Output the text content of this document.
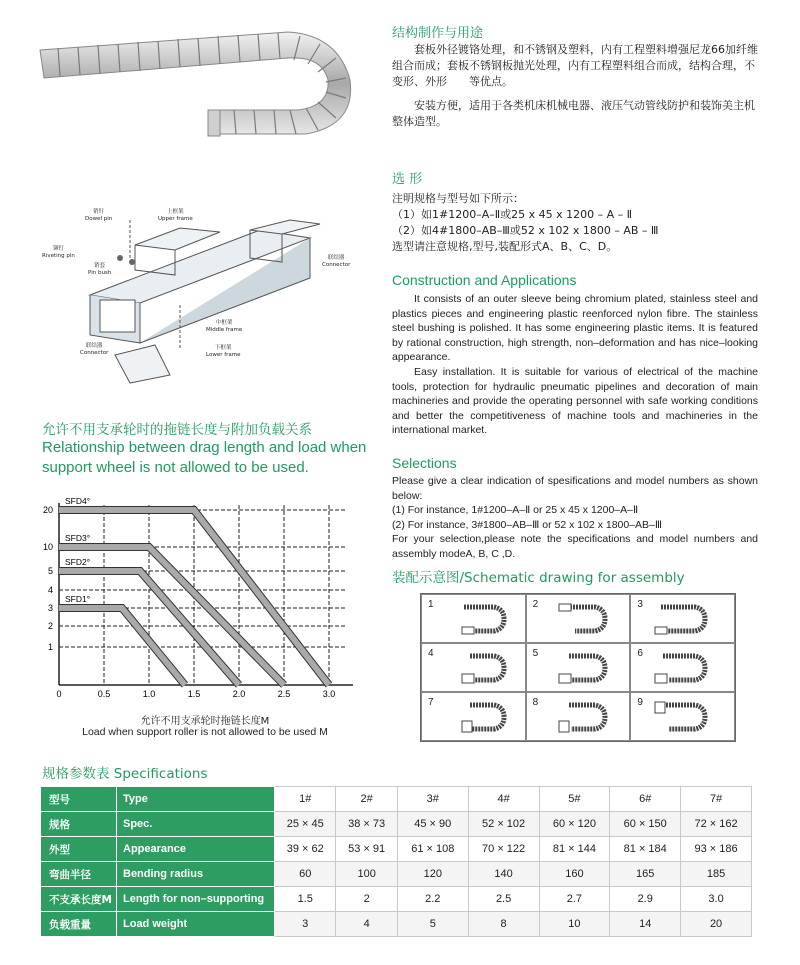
销钉
Dowel pin
铆钉
Riveting pin
销套
Pin bush
上框架
Upper frame
联结器
Connector
中框架
Middle frame
下框架
Lower frame
联结器
Connector
结构制作与用途
套板外径镀铬处理，和不锈钢及塑料，内有工程塑料增强尼龙66加纤维组合而成；套板不锈钢板抛光处理，内有工程塑料组合而成，结构合理，不变形、外形　　等优点。
安装方便，适用于各类机床机械电器、液压气动管线防护和装饰美主机整体造型。
选 形
注明规格与型号如下所示：
（1）如1#1200–A–Ⅱ或25 x 45 x 1200 – A – Ⅱ
（2）如4#1800–AB–Ⅲ或52 x 102 x 1800 – AB – Ⅲ
选型请注意规格,型号,装配形式A、B、C、D。
Construction and Applications
It consists of an outer sleeve being chromium plated, stainless steel and plastics pieces and engineering plastic reenforced nylon fibre. The stainless steel bushing is polished. It has some engineering plastic items. It is featured by rational construction, high strength, non–deformation and has nice–looking appearance.
Easy installation. It is suitable for various of electrical of the machine tools, protection for hydraulic pneumatic pipelines and decoration of main machineries and provide the operating personnel with safe working conditions and better the competitiveness of machine tools and machineries in the international market.
Selections
Please give a clear indication of spesifications and model numbers as shown below:
(1) For instance, 1#1200–A–Ⅱ or 25 x 45 x 1200–A–Ⅱ
(2) For instance, 3#1800–AB–Ⅲ or 52 x 102 x 1800–AB–Ⅲ
For your selection,please note the specifications and model numbers and assembly modeA, B, C ,D.
装配示意图/Schematic drawing for assembly
1	2	3
4	5	6
7	8	9
允许不用支承轮时的拖链长度与附加负载关系
Relationship between drag length and load when
support wheel is not allowed to be used.
0	0.5	1.0	1.5	2.0	2.5	3.0
1
2
3
4
5
10
20
SFD4°
SFD3°
SFD2°
SFD1°
允许不用支承轮时拖链长度M
Load when support roller is not allowed to be used M
规格参数表 Specifications
型号	Type	1#	2#	3#	4#	5#	6#	7#
规格	Spec.	25 × 45	38 × 73	45 × 90	52 × 102	60 × 120	60 × 150	72 × 162
外型	Appearance	39 × 62	53 × 91	61 × 108	70 × 122	81 × 144	81 × 184	93 × 186
弯曲半径	Bending radius	60	100	120	140	160	165	185
不支承长度M	Length for non–supporting	1.5	2	2.2	2.5	2.7	2.9	3.0
负载重量	Load weight	3	4	5	8	10	14	20
